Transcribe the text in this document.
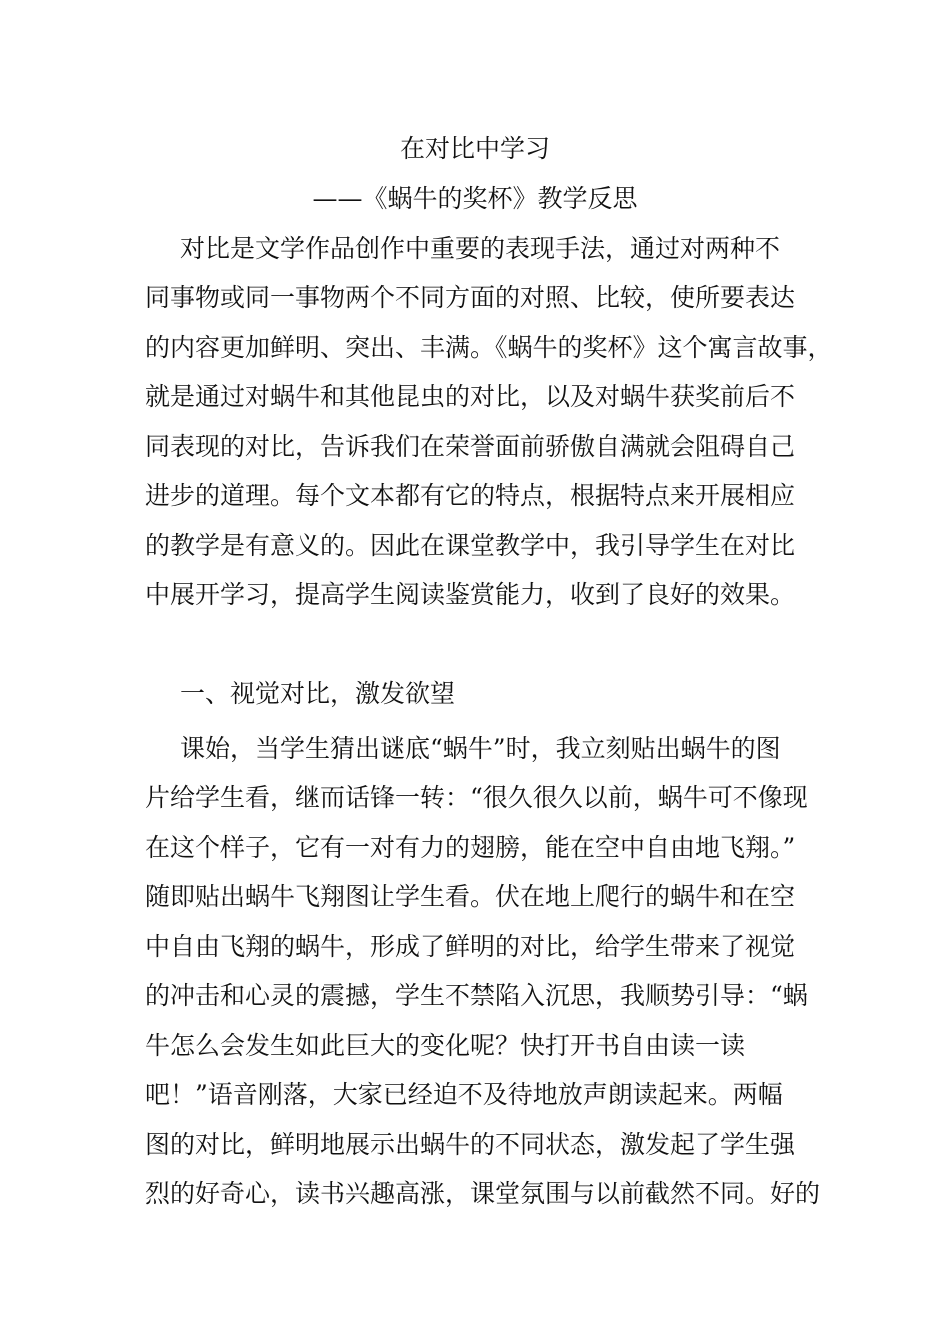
在对比中学习
——《蜗牛的奖杯》教学反思
对比是文学作品创作中重要的表现手法，通过对两种不
同事物或同一事物两个不同方面的对照、比较，使所要表达
的内容更加鲜明、突出、丰满。《蜗牛的奖杯》这个寓言故事，
就是通过对蜗牛和其他昆虫的对比，以及对蜗牛获奖前后不
同表现的对比，告诉我们在荣誉面前骄傲自满就会阻碍自己
进步的道理。每个文本都有它的特点，根据特点来开展相应
的教学是有意义的。因此在课堂教学中，我引导学生在对比
中展开学习，提高学生阅读鉴赏能力，收到了良好的效果。
一、视觉对比，激发欲望
课始，当学生猜出谜底“蜗牛”时，我立刻贴出蜗牛的图
片给学生看，继而话锋一转：“很久很久以前，蜗牛可不像现
在这个样子，它有一对有力的翅膀，能在空中自由地飞翔。”
随即贴出蜗牛飞翔图让学生看。伏在地上爬行的蜗牛和在空
中自由飞翔的蜗牛，形成了鲜明的对比，给学生带来了视觉
的冲击和心灵的震撼，学生不禁陷入沉思，我顺势引导：“蜗
牛怎么会发生如此巨大的变化呢？快打开书自由读一读
吧！”语音刚落，大家已经迫不及待地放声朗读起来。两幅
图的对比，鲜明地展示出蜗牛的不同状态，激发起了学生强
烈的好奇心，读书兴趣高涨，课堂氛围与以前截然不同。好的
